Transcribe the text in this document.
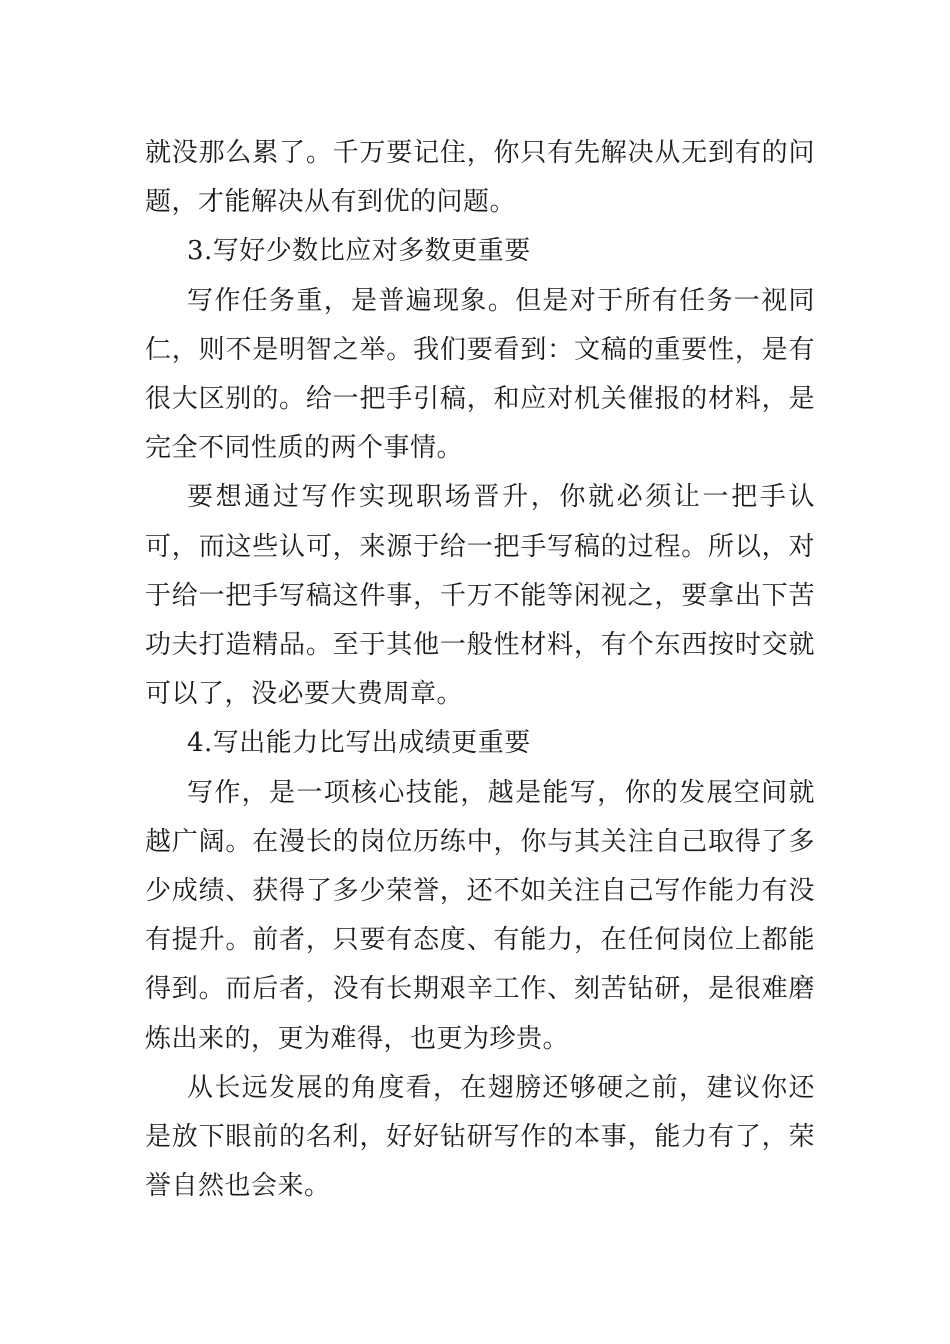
就没那么累了。千万要记住，你只有先解决从无到有的问题，才能解决从有到优的问题。

3.写好少数比应对多数更重要

写作任务重，是普遍现象。但是对于所有任务一视同仁，则不是明智之举。我们要看到：文稿的重要性，是有很大区别的。给一把手引稿，和应对机关催报的材料，是完全不同性质的两个事情。

要想通过写作实现职场晋升，你就必须让一把手认可，而这些认可，来源于给一把手写稿的过程。所以，对于给一把手写稿这件事，千万不能等闲视之，要拿出下苦功夫打造精品。至于其他一般性材料，有个东西按时交就可以了，没必要大费周章。

4.写出能力比写出成绩更重要

写作，是一项核心技能，越是能写，你的发展空间就越广阔。在漫长的岗位历练中，你与其关注自己取得了多少成绩、获得了多少荣誉，还不如关注自己写作能力有没有提升。前者，只要有态度、有能力，在任何岗位上都能得到。而后者，没有长期艰辛工作、刻苦钻研，是很难磨炼出来的，更为难得，也更为珍贵。

从长远发展的角度看，在翅膀还够硬之前，建议你还是放下眼前的名利，好好钻研写作的本事，能力有了，荣誉自然也会来。
